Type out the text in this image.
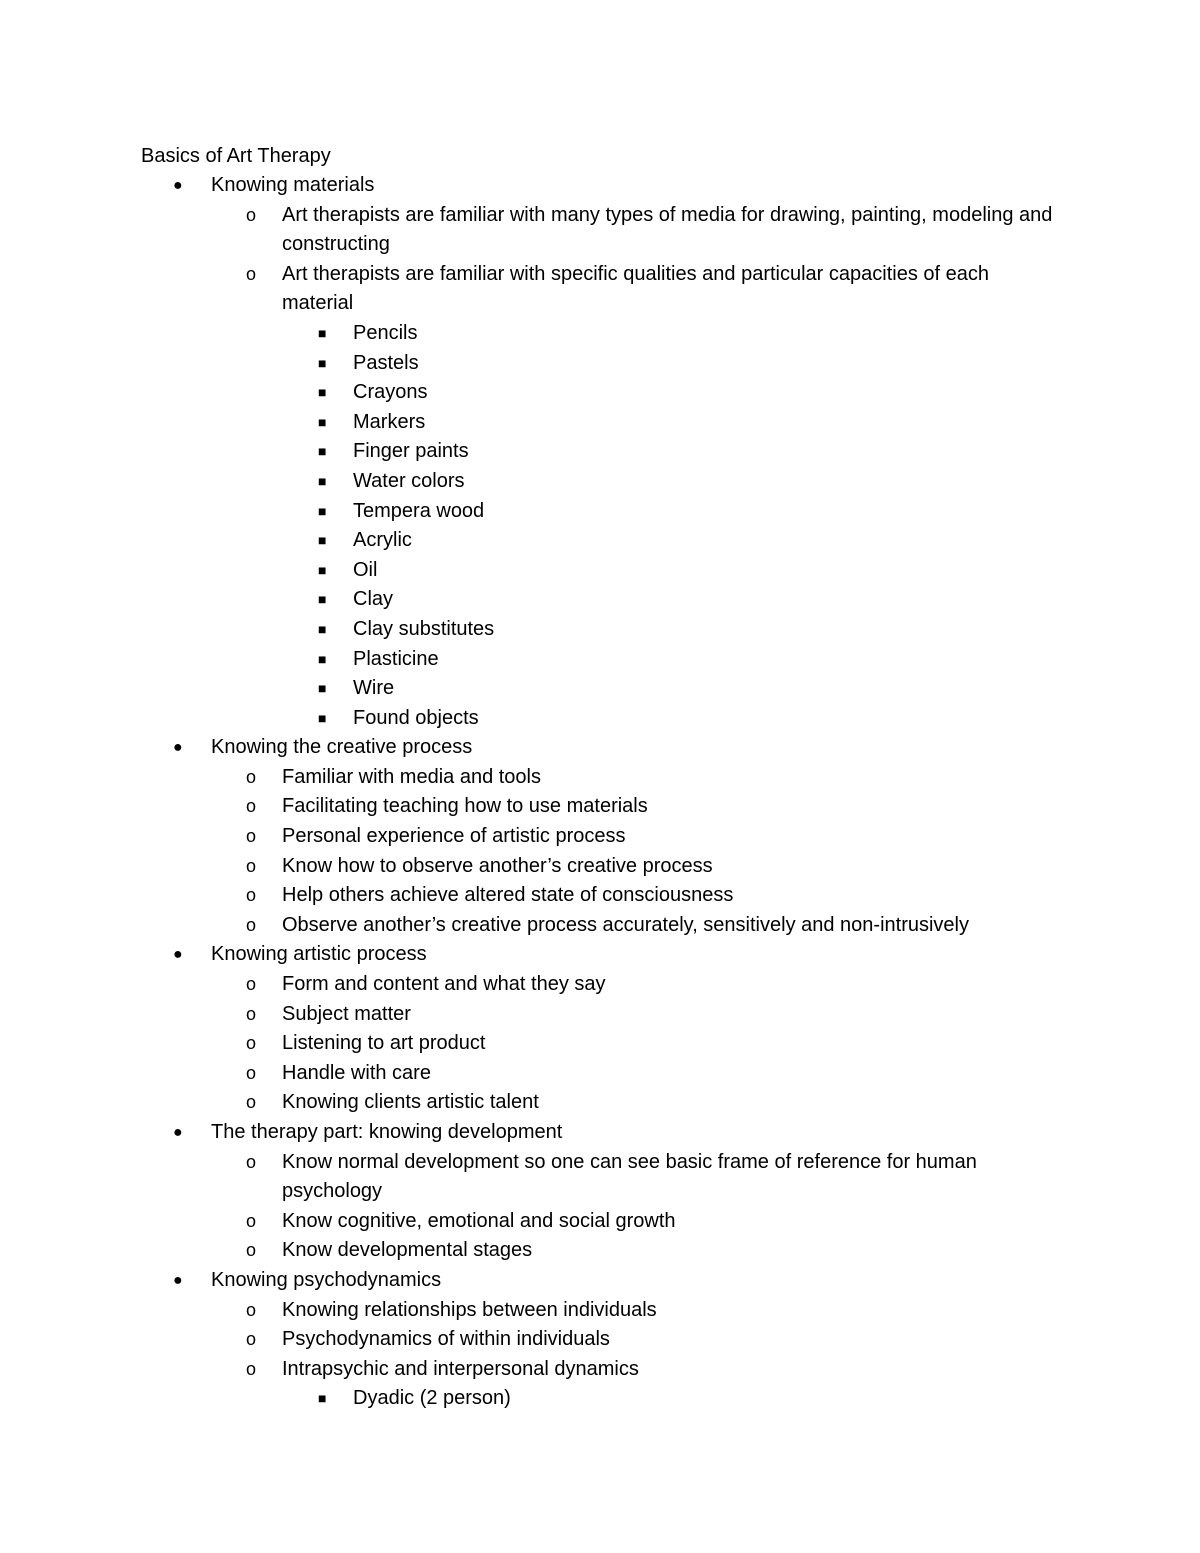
Basics of Art Therapy
● Knowing materials
o Art therapists are familiar with many types of media for drawing, painting, modeling and constructing
o Art therapists are familiar with specific qualities and particular capacities of each material
■ Pencils
■ Pastels
■ Crayons
■ Markers
■ Finger paints
■ Water colors
■ Tempera wood
■ Acrylic
■ Oil
■ Clay
■ Clay substitutes
■ Plasticine
■ Wire
■ Found objects
● Knowing the creative process
o Familiar with media and tools
o Facilitating teaching how to use materials
o Personal experience of artistic process
o Know how to observe another’s creative process
o Help others achieve altered state of consciousness
o Observe another’s creative process accurately, sensitively and non-intrusively
● Knowing artistic process
o Form and content and what they say
o Subject matter
o Listening to art product
o Handle with care
o Knowing clients artistic talent
● The therapy part: knowing development
o Know normal development so one can see basic frame of reference for human psychology
o Know cognitive, emotional and social growth
o Know developmental stages
● Knowing psychodynamics
o Knowing relationships between individuals
o Psychodynamics of within individuals
o Intrapsychic and interpersonal dynamics
■ Dyadic (2 person)
